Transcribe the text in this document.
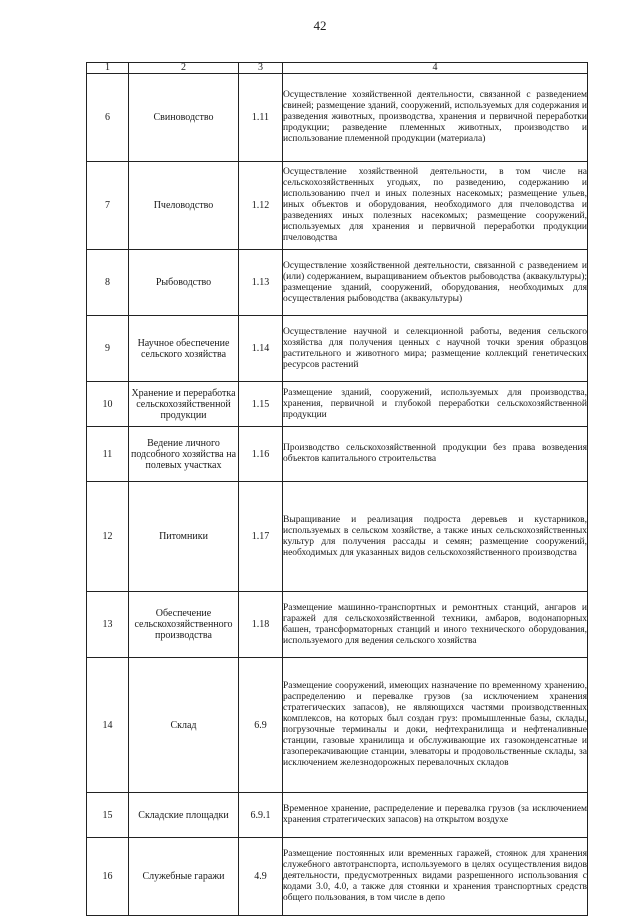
42
1	2	3	4
6	Свиноводство	1.11	Осуществление хозяйственной деятельности, связанной с разведением свиней; размещение зданий, сооружений, используемых для содержания и разведения животных, производства, хранения и первичной переработки продукции; разведение племенных животных, производство и использование племенной продукции (материала)
7	Пчеловодство	1.12	Осуществление хозяйственной деятельности, в том числе на сельскохозяйственных угодьях, по разведению, содержанию и использованию пчел и иных полезных насекомых; размещение ульев, иных объектов и оборудования, необходимого для пчеловодства и разведениях иных полезных насекомых; размещение сооружений, используемых для хранения и первичной переработки продукции пчеловодства
8	Рыбоводство	1.13	Осуществление хозяйственной деятельности, связанной с разведением и (или) содержанием, выращиванием объектов рыбоводства (аквакультуры); размещение зданий, сооружений, оборудования, необходимых для осуществления рыбоводства (аквакультуры)
9	Научное обеспечение сельского хозяйства	1.14	Осуществление научной и селекционной работы, ведения сельского хозяйства для получения ценных с научной точки зрения образцов растительного и животного мира; размещение коллекций генетических ресурсов растений
10	Хранение и переработка сельскохозяйственной продукции	1.15	Размещение зданий, сооружений, используемых для производства, хранения, первичной и глубокой переработки сельскохозяйственной продукции
11	Ведение личного подсобного хозяйства на полевых участках	1.16	Производство сельскохозяйственной продукции без права возведения объектов капитального строительства
12	Питомники	1.17	Выращивание и реализация подроста деревьев и кустарников, используемых в сельском хозяйстве, а также иных сельскохозяйственных культур для получения рассады и семян; размещение сооружений, необходимых для указанных видов сельскохозяйственного производства
13	Обеспечение сельскохозяйственного производства	1.18	Размещение машинно-транспортных и ремонтных станций, ангаров и гаражей для сельскохозяйственной техники, амбаров, водонапорных башен, трансформаторных станций и иного технического оборудования, используемого для ведения сельского хозяйства
14	Склад	6.9	Размещение сооружений, имеющих назначение по временному хранению, распределению и перевалке грузов (за исключением хранения стратегических запасов), не являющихся частями производственных комплексов, на которых был создан груз: промышленные базы, склады, погрузочные терминалы и доки, нефтехранилища и нефтеналивные станции, газовые хранилища и обслуживающие их газоконденсатные и газоперекачивающие станции, элеваторы и продовольственные склады, за исключением железнодорожных перевалочных складов
15	Складские площадки	6.9.1	Временное хранение, распределение и перевалка грузов (за исключением хранения стратегических запасов) на открытом воздухе
16	Служебные гаражи	4.9	Размещение постоянных или временных гаражей, стоянок для хранения служебного автотранспорта, используемого в целях осуществления видов деятельности, предусмотренных видами разрешенного использования с кодами 3.0, 4.0, а также для стоянки и хранения транспортных средств общего пользования, в том числе в депо
